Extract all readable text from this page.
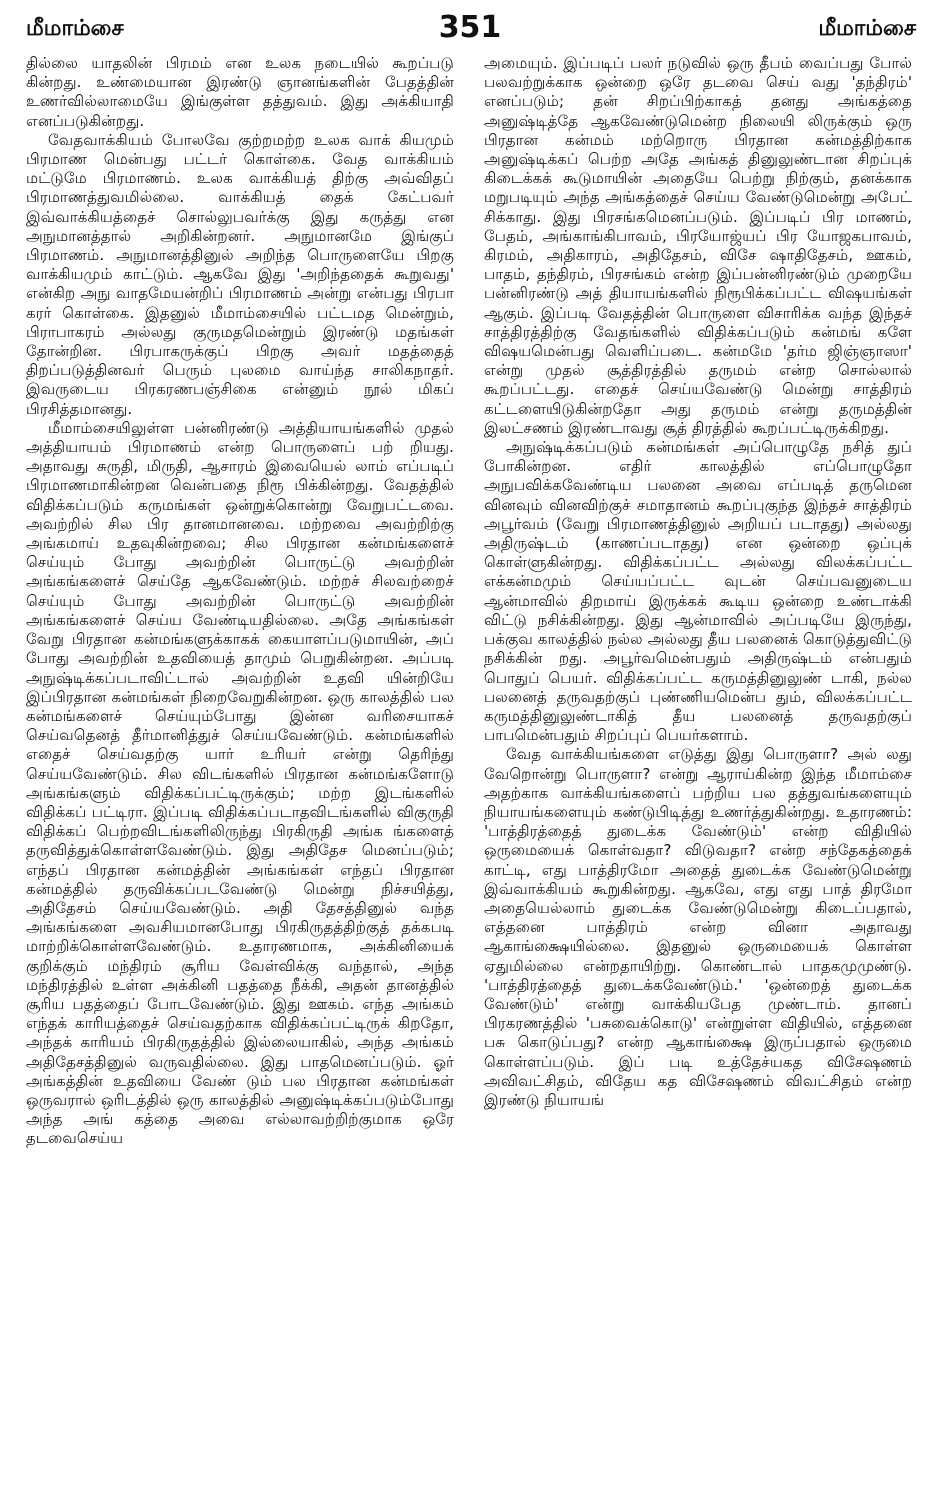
மீமாம்சை	351	மீமாம்சை

தில்லை யாதலின் பிரமம் என உலக நடையில் கூறப்படு கின்றது. உண்மையான இரண்டு ஞானங்களின் பேதத்தின் உணர்வில்லாமையே இங்குள்ள தத்துவம். இது அக்கியாதி எனப்படுகின்றது.

வேதவாக்கியம் போலவே குற்றமற்ற உலக வாக் கியமும் பிரமாண மென்பது பட்டர் கொள்கை. வேத வாக்கியம் மட்டுமே பிரமாணம். உலக வாக்கியத் திற்கு அவ்விதப் பிரமாணத்துவமில்லை. வாக்கியத் தைக் கேட்பவர் இவ்வாக்கியத்தைச் சொல்லுபவர்க்கு இது கருத்து என அநுமானத்தால் அறிகின்றனர். அநுமானமே இங்குப் பிரமாணம். அநுமானத்தினுல் அறிந்த பொருளையே பிறகு வாக்கியமும் காட்டும். ஆகவே இது 'அறிந்ததைக் கூறுவது' என்கிற அநு வாதமேயன்றிப் பிரமாணம் அன்று என்பது பிரபா கரர் கொள்கை. இதனுல் மீமாம்சையில் பட்டமத மென்றும், பிராபாகரம் அல்லது குருமதமென்றும் இரண்டு மதங்கள் தோன்றின. பிரபாகருக்குப் பிறகு அவர் மதத்தைத் திறப்படுத்தினவர் பெரும் புலமை வாய்ந்த சாலிகநாதர். இவருடைய பிரகரணபஞ்சிகை என்னும் நூல் மிகப் பிரசித்தமானது.

மீமாம்சையிலுள்ள பன்னிரண்டு அத்தியாயங்களில் முதல் அத்தியாயம் பிரமாணம் என்ற பொருளைப் பற் றியது. அதாவது சுருதி, மிருதி, ஆசாரம் இவையெல் லாம் எப்படிப் பிரமாணமாகின்றன வென்பதை நிரூ பிக்கின்றது. வேதத்தில் விதிக்கப்படும் கருமங்கள் ஒன்றுக்கொன்று வேறுபட்டவை. அவற்றில் சில பிர தானமானவை. மற்றவை அவற்றிற்கு அங்கமாய் உதவுகின்றவை; சில பிரதான கன்மங்களைச் செய்யும் போது அவற்றின் பொருட்டு அவற்றின் அங்கங்களைச் செய்தே ஆகவேண்டும். மற்றச் சிலவற்றைச் செய்யும் போது அவற்றின் பொருட்டு அவற்றின் அங்கங்களைச் செய்ய வேண்டியதில்லை. அதே அங்கங்கள் வேறு பிரதான கன்மங்களுக்காகக் கையாளப்படுமாயின், அப் போது அவற்றின் உதவியைத் தாமும் பெறுகின்றன. அப்படி அநுஷ்டிக்கப்படாவிட்டால் அவற்றின் உதவி யின்றியே இப்பிரதான கன்மங்கள் நிறைவேறுகின்றன. ஒரு காலத்தில் பல கன்மங்களைச் செய்யும்போது இன்ன வரிசையாகச் செய்வதெனத் தீர்மானித்துச் செய்யவேண்டும். கன்மங்களில் எதைச் செய்வதற்கு யார் உரியர் என்று தெரிந்து செய்யவேண்டும். சில விடங்களில் பிரதான கன்மங்களோடு அங்கங்களும் விதிக்கப்பட்டிருக்கும்; மற்ற இடங்களில் விதிக்கப் பட்டிரா. இப்படி விதிக்கப்படாதவிடங்களில் விகுருதி விதிக்கப் பெற்றவிடங்களிலிருந்து பிரகிருதி அங்க ங்களைத் தருவித்துக்கொள்ளவேண்டும். இது அதிதேச மெனப்படும்; எந்தப் பிரதான கன்மத்தின் அங்கங்கள் எந்தப் பிரதான கன்மத்தில் தருவிக்கப்படவேண்டு மென்று நிச்சயித்து, அதிதேசம் செய்யவேண்டும். அதி தேசத்தினுல் வந்த அங்கங்களை அவசியமானபோது பிரகிருதத்திற்குத் தக்கபடி மாற்றிக்கொள்ளவேண்டும். உதாரணமாக, அக்கினியைக் குறிக்கும் மந்திரம் சூரிய வேள்விக்கு வந்தால், அந்த மந்திரத்தில் உள்ள அக்கினி பதத்தை நீக்கி, அதன் தானத்தில் சூரிய பதத்தைப் போடவேண்டும். இது ஊகம். எந்த அங்கம் எந்தக் காரியத்தைச் செய்வதற்காக விதிக்கப்பட்டிருக் கிறதோ, அந்தக் காரியம் பிரகிருதத்தில் இல்லையாகில், அந்த அங்கம் அதிதேசத்தினுல் வருவதில்லை. இது பாதமெனப்படும். ஓர் அங்கத்தின் உதவியை வேண் டும் பல பிரதான கன்மங்கள் ஒருவரால் ஒரிடத்தில் ஒரு காலத்தில் அனுஷ்டிக்கப்படும்போது அந்த அங் கத்தை அவை எல்லாவற்றிற்குமாக ஒரே தடவைசெய்ய

அமையும். இப்படிப் பலர் நடுவில் ஒரு தீபம் வைப்பது போல் பலவற்றுக்காக ஒன்றை ஒரே தடவை செய் வது 'தந்திரம்' எனப்படும்; தன் சிறப்பிற்காகத் தனது அங்கத்தை அனுஷ்டித்தே ஆகவேண்டுமென்ற நிலையி லிருக்கும் ஒரு பிரதான கன்மம் மற்றொரு பிரதான கன்மத்திற்காக அனுஷ்டிக்கப் பெற்ற அதே அங்கத் தினுலுண்டான சிறப்புக் கிடைக்கக் கூடுமாயின் அதையே பெற்று நிற்கும், தனக்காக மறுபடியும் அந்த அங்கத்தைச் செய்ய வேண்டுமென்று அபேட் சிக்காது. இது பிரசங்கமெனப்படும். இப்படிப் பிர மாணம், பேதம், அங்காங்கிபாவம், பிரயோஜ்யப் பிர யோஜகபாவம், கிரமம், அதிகாரம், அதிதேசம், விசே ஷாதிதேசம், ஊகம், பாதம், தந்திரம், பிரசங்கம் என்ற இப்பன்னிரண்டும் முறையே பன்னிரண்டு அத் தியாயங்களில் நிரூபிக்கப்பட்ட விஷயங்கள் ஆகும். இப்படி வேதத்தின் பொருளை விசாரிக்க வந்த இந்தச் சாத்திரத்திற்கு வேதங்களில் விதிக்கப்படும் கன்மங் களே விஷயமென்பது வெளிப்படை. கன்மமே 'தர்ம ஜிஞ்ஞாஸா' என்று முதல் சூத்திரத்தில் தருமம் என்ற சொல்லால் கூறப்பட்டது. எதைச் செய்யவேண்டு மென்று சாத்திரம் கட்டளையிடுகின்றதோ அது தருமம் என்று தருமத்தின் இலட்சணம் இரண்டாவது சூத் திரத்தில் கூறப்பட்டிருக்கிறது.

அநுஷ்டிக்கப்படும் கன்மங்கள் அப்பொழுதே நசித் துப் போகின்றன. எதிர் காலத்தில் எப்பொழுதோ அநுபவிக்கவேண்டிய பலனை அவை எப்படித் தருமென வினவும் வினவிற்குச் சமாதானம் கூறப்புகுந்த இந்தச் சாத்திரம் அபூர்வம் (வேறு பிரமாணத்தினுல் அறியப் படாதது) அல்லது அதிருஷ்டம் (காணப்படாதது) என ஒன்றை ஒப்புக் கொள்ளுகின்றது. விதிக்கப்பட்ட அல்லது விலக்கப்பட்ட எக்கன்மமும் செய்யப்பட்ட வுடன் செய்பவனுடைய ஆன்மாவில் திறமாய் இருக்கக் கூடிய ஒன்றை உண்டாக்கி விட்டு நசிக்கின்றது. இது ஆன்மாவில் அப்படியே இருந்து, பக்குவ காலத்தில் நல்ல அல்லது தீய பலனைக் கொடுத்துவிட்டு நசிக்கின் றது. அபூர்வமென்பதும் அதிருஷ்டம் என்பதும் பொதுப் பெயர். விதிக்கப்பட்ட கருமத்தினுலுண் டாகி, நல்ல பலனைத் தருவதற்குப் புண்ணியமென்ப தும், விலக்கப்பட்ட கருமத்தினுலுண்டாகித் தீய பலனைத் தருவதற்குப் பாபமென்பதும் சிறப்புப் பெயர்களாம்.

வேத வாக்கியங்களை எடுத்து இது பொருளா? அல் லது வேறொன்று பொருளா? என்று ஆராய்கின்ற இந்த மீமாம்சை அதற்காக வாக்கியங்களைப் பற்றிய பல தத்துவங்களையும் நியாயங்களையும் கண்டுபிடித்து உணர்த்துகின்றது. உதாரணம்: 'பாத்திரத்தைத் துடைக்க வேண்டும்' என்ற விதியில் ஒருமையைக் கொள்வதா? விடுவதா? என்ற சந்தேகத்தைக் காட்டி, எது பாத்திரமோ அதைத் துடைக்க வேண்டுமென்று இவ்வாக்கியம் கூறுகின்றது. ஆகவே, எது எது பாத் திரமோ அதையெல்லாம் துடைக்க வேண்டுமென்று கிடைப்பதால், எத்தனை பாத்திரம் என்ற வினா அதாவது ஆகாங்க்ஷையில்லை. இதனுல் ஒருமையைக் கொள்ள ஏதுமில்லை என்றதாயிற்று. கொண்டால் பாதகமுமுண்டு. 'பாத்திரத்தைத் துடைக்கவேண்டும்.' 'ஒன்றைத் துடைக்க வேண்டும்' என்று வாக்கியபேத முண்டாம். தானப் பிரகரணத்தில் 'பசுவைக்கொடு' என்றுள்ள விதியில், எத்தனை பசு கொடுப்பது? என்ற ஆகாங்க்ஷை இருப்பதால் ஒருமை கொள்ளப்படும். இப் படி உத்தேச்யகத விசேஷணம் அவிவட்சிதம், விதேய கத விசேஷணம் விவட்சிதம் என்ற இரண்டு நியாயங்
